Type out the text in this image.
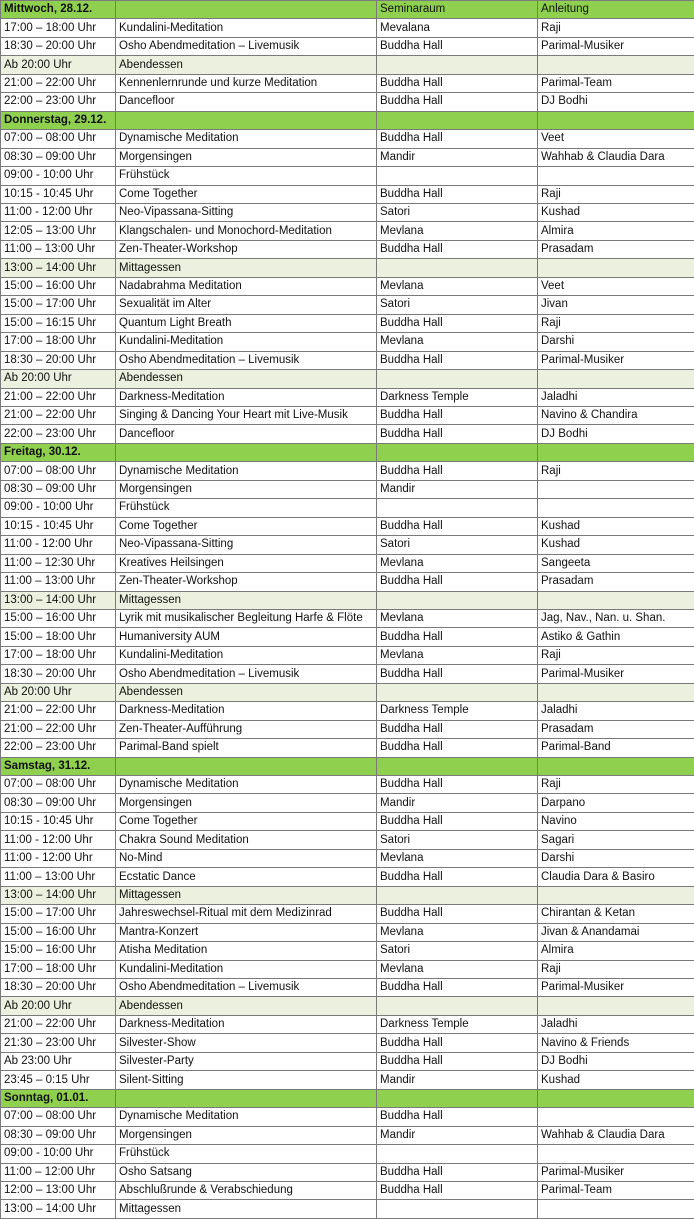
Mittwoch, 28.12.		Seminaraum	Anleitung
17:00 – 18:00 Uhr	Kundalini-Meditation	Mevalana	Raji
18:30 – 20:00 Uhr	Osho Abendmeditation – Livemusik	Buddha Hall	Parimal-Musiker
Ab 20:00 Uhr	Abendessen		
21:00 – 22:00 Uhr	Kennenlernrunde und kurze Meditation	Buddha Hall	Parimal-Team
22:00 – 23:00 Uhr	Dancefloor	Buddha Hall	DJ Bodhi
Donnerstag, 29.12.			
07:00 – 08:00 Uhr	Dynamische Meditation	Buddha Hall	Veet
08:30 – 09:00 Uhr	Morgensingen	Mandir	Wahhab & Claudia Dara
09:00 - 10:00 Uhr	Frühstück		
10:15 - 10:45 Uhr	Come Together	Buddha Hall	Raji
11:00 - 12:00 Uhr	Neo-Vipassana-Sitting	Satori	Kushad
12:05 – 13:00 Uhr	Klangschalen- und Monochord-Meditation	Mevlana	Almira
11:00 – 13:00 Uhr	Zen-Theater-Workshop	Buddha Hall	Prasadam
13:00 – 14:00 Uhr	Mittagessen		
15:00 – 16:00 Uhr	Nadabrahma Meditation	Mevlana	Veet
15:00 – 17:00 Uhr	Sexualität im Alter	Satori	Jivan
15:00 – 16:15 Uhr	Quantum Light Breath	Buddha Hall	Raji
17:00 – 18:00 Uhr	Kundalini-Meditation	Mevlana	Darshi
18:30 – 20:00 Uhr	Osho Abendmeditation – Livemusik	Buddha Hall	Parimal-Musiker
Ab 20:00 Uhr	Abendessen		
21:00 – 22:00 Uhr	Darkness-Meditation	Darkness Temple	Jaladhi
21:00 – 22:00 Uhr	Singing & Dancing Your Heart mit Live-Musik	Buddha Hall	Navino & Chandira
22:00 – 23:00 Uhr	Dancefloor	Buddha Hall	DJ Bodhi
Freitag, 30.12.			
07:00 – 08:00 Uhr	Dynamische Meditation	Buddha Hall	Raji
08:30 – 09:00 Uhr	Morgensingen	Mandir	
09:00 - 10:00 Uhr	Frühstück		
10:15 - 10:45 Uhr	Come Together	Buddha Hall	Kushad
11:00 - 12:00 Uhr	Neo-Vipassana-Sitting	Satori	Kushad
11:00 – 12:30 Uhr	Kreatives Heilsingen	Mevlana	Sangeeta
11:00 – 13:00 Uhr	Zen-Theater-Workshop	Buddha Hall	Prasadam
13:00 – 14:00 Uhr	Mittagessen		
15:00 – 16:00 Uhr	Lyrik mit musikalischer Begleitung Harfe & Flöte	Mevlana	Jag, Nav., Nan. u. Shan.
15:00 – 18:00 Uhr	Humaniversity AUM	Buddha Hall	Astiko & Gathin
17:00 – 18:00 Uhr	Kundalini-Meditation	Mevlana	Raji
18:30 – 20:00 Uhr	Osho Abendmeditation – Livemusik	Buddha Hall	Parimal-Musiker
Ab 20:00 Uhr	Abendessen		
21:00 – 22:00 Uhr	Darkness-Meditation	Darkness Temple	Jaladhi
21:00 – 22:00 Uhr	Zen-Theater-Aufführung	Buddha Hall	Prasadam
22:00 – 23:00 Uhr	Parimal-Band spielt	Buddha Hall	Parimal-Band
Samstag, 31.12.			
07:00 – 08:00 Uhr	Dynamische Meditation	Buddha Hall	Raji
08:30 – 09:00 Uhr	Morgensingen	Mandir	Darpano
10:15 - 10:45 Uhr	Come Together	Buddha Hall	Navino
11:00 - 12:00 Uhr	Chakra Sound Meditation	Satori	Sagari
11:00 - 12:00 Uhr	No-Mind	Mevlana	Darshi
11:00 – 13:00 Uhr	Ecstatic Dance	Buddha Hall	Claudia Dara & Basiro
13:00 – 14:00 Uhr	Mittagessen		
15:00 – 17:00 Uhr	Jahreswechsel-Ritual mit dem Medizinrad	Buddha Hall	Chirantan & Ketan
15:00 – 16:00 Uhr	Mantra-Konzert	Mevlana	Jivan & Anandamai
15:00 – 16:00 Uhr	Atisha Meditation	Satori	Almira
17:00 – 18:00 Uhr	Kundalini-Meditation	Mevlana	Raji
18:30 – 20:00 Uhr	Osho Abendmeditation – Livemusik	Buddha Hall	Parimal-Musiker
Ab 20:00 Uhr	Abendessen		
21:00 – 22:00 Uhr	Darkness-Meditation	Darkness Temple	Jaladhi
21:30 – 23:00 Uhr	Silvester-Show	Buddha Hall	Navino & Friends
Ab 23:00 Uhr	Silvester-Party	Buddha Hall	DJ Bodhi
23:45 – 0:15 Uhr	Silent-Sitting	Mandir	Kushad
Sonntag, 01.01.			
07:00 – 08:00 Uhr	Dynamische Meditation	Buddha Hall	
08:30 – 09:00 Uhr	Morgensingen	Mandir	Wahhab & Claudia Dara
09:00 - 10:00 Uhr	Frühstück		
11:00 – 12:00 Uhr	Osho Satsang	Buddha Hall	Parimal-Musiker
12:00 – 13:00 Uhr	Abschlußrunde & Verabschiedung	Buddha Hall	Parimal-Team
13:00 – 14:00 Uhr	Mittagessen		
